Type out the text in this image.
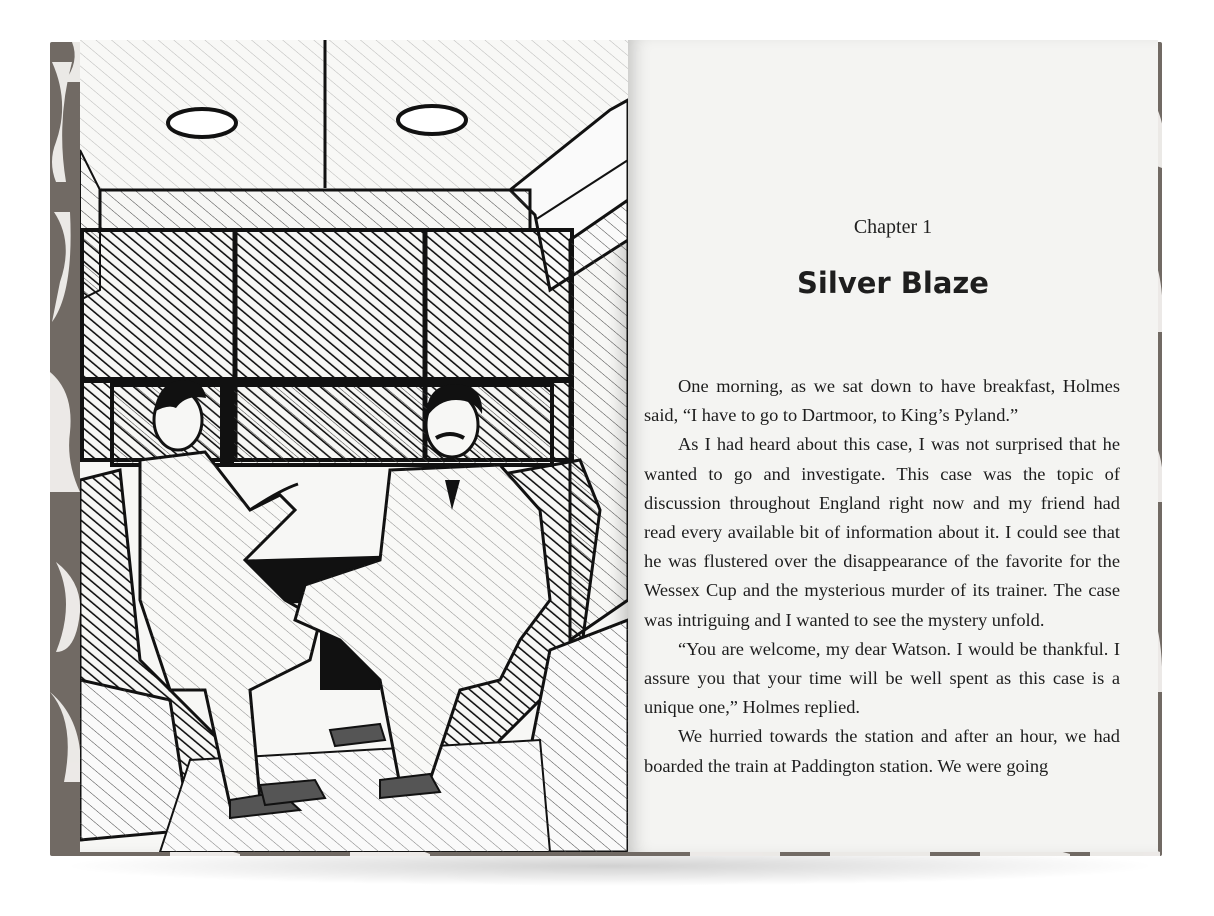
Chapter 1
Silver Blaze

One morning, as we sat down to have breakfast, Holmes said, “I have to go to Dartmoor, to King’s Pyland.”

As I had heard about this case, I was not surprised that he wanted to go and investigate. This case was the topic of discussion throughout England right now and my friend had read every available bit of information about it. I could see that he was flustered over the disappearance of the favorite for the Wessex Cup and the mysterious murder of its trainer. The case was intriguing and I wanted to see the mystery unfold.

“You are welcome, my dear Watson. I would be thankful. I assure you that your time will be well spent as this case is a unique one,” Holmes replied.

We hurried towards the station and after an hour, we had boarded the train at Paddington station. We were going
